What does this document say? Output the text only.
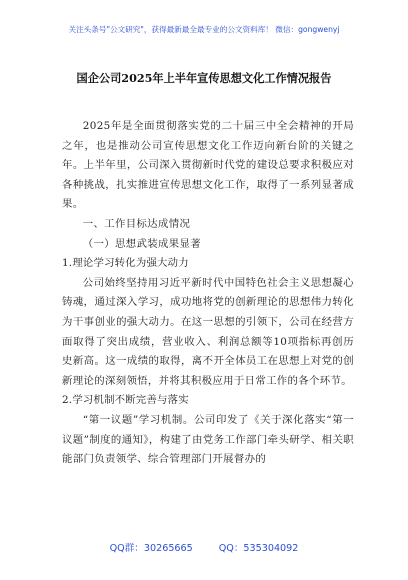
关注头条号"公文研究"，获得最新最全最专业的公文资料库！ 微信：gongwenyj
国企公司2025年上半年宣传思想文化工作情况报告

2025年是全面贯彻落实党的二十届三中全会精神的开局之年，也是推动公司宣传思想文化工作迈向新台阶的关键之年。上半年里，公司深入贯彻新时代党的建设总要求积极应对各种挑战，扎实推进宣传思想文化工作，取得了一系列显著成果。

一、工作目标达成情况

（一）思想武装成果显著

1.理论学习转化为强大动力

公司始终坚持用习近平新时代中国特色社会主义思想凝心铸魂，通过深入学习，成功地将党的创新理论的思想伟力转化为干事创业的强大动力。在这一思想的引领下，公司在经营方面取得了突出成绩，营业收入、利润总额等10项指标再创历史新高。这一成绩的取得，离不开全体员工在思想上对党的创新理论的深刻领悟，并将其积极应用于日常工作的各个环节。

2.学习机制不断完善与落实

“第一议题”学习机制。公司印发了《关于深化落实“第一议题”制度的通知》，构建了由党务工作部门牵头研学、相关职能部门负责领学、综合管理部门开展督办的

QQ群：30265665	QQ：535304092
